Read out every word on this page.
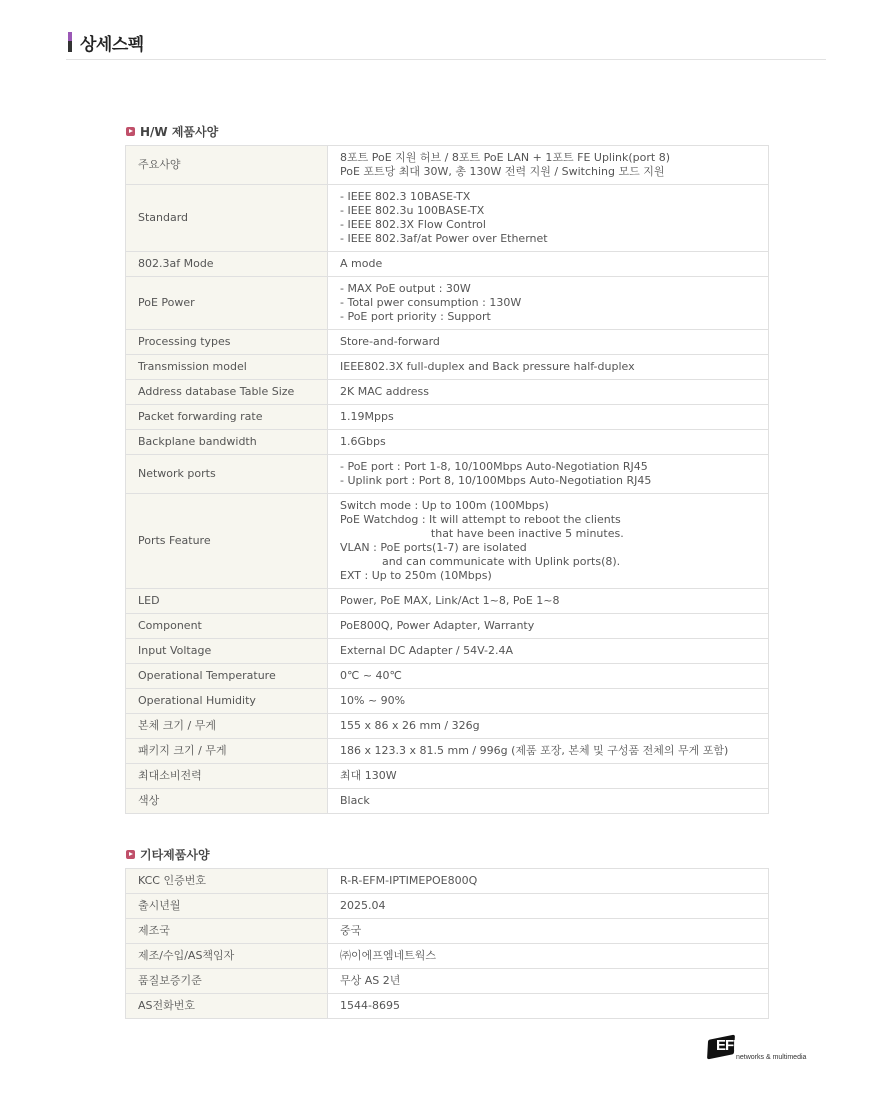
상세스펙
H/W 제품사양
주요사양	8포트 PoE 지원 허브 / 8포트 PoE LAN + 1포트 FE Uplink(port 8)
PoE 포트당 최대 30W, 총 130W 전력 지원 / Switching 모드 지원

Standard	- IEEE 802.3 10BASE-TX
- IEEE 802.3u 100BASE-TX
- IEEE 802.3X Flow Control
- IEEE 802.3af/at Power over Ethernet

802.3af Mode	A mode

PoE Power	- MAX PoE output : 30W
- Total pwer consumption : 130W
- PoE port priority : Support

Processing types	Store-and-forward

Transmission model	IEEE802.3X full-duplex and Back pressure half-duplex

Address database Table Size	2K MAC address

Packet forwarding rate	1.19Mpps

Backplane bandwidth	1.6Gbps

Network ports	- PoE port : Port 1-8, 10/100Mbps Auto-Negotiation RJ45
- Uplink port : Port 8, 10/100Mbps Auto-Negotiation RJ45

Ports Feature	
Switch mode : Up to 100m (100Mbps)
PoE Watchdog : It will attempt to reboot the clients
that have been inactive 5 minutes.
VLAN : PoE ports(1-7) are isolated
and can communicate with Uplink ports(8).
EXT : Up to 250m (10Mbps)

LED	Power, PoE MAX, Link/Act 1~8, PoE 1~8

Component	PoE800Q, Power Adapter, Warranty

Input Voltage	External DC Adapter / 54V-2.4A

Operational Temperature	0℃ ~ 40℃

Operational Humidity	10% ~ 90%

본체 크기 / 무게	155 x 86 x 26 mm / 326g

패키지 크기 / 무게	186 x 123.3 x 81.5 mm / 996g (제품 포장, 본체 및 구성품 전체의 무게 포함)

최대소비전력	최대 130W

색상	Black
기타제품사양
KCC 인증번호	R-R-EFM-IPTIMEPOE800Q
출시년월	2025.04
제조국	중국
제조/수입/AS책임자	㈜이에프엠네트웍스
품질보증기준	무상 AS 2년
AS전화번호	1544-8695
EFM
networks & multimedia
